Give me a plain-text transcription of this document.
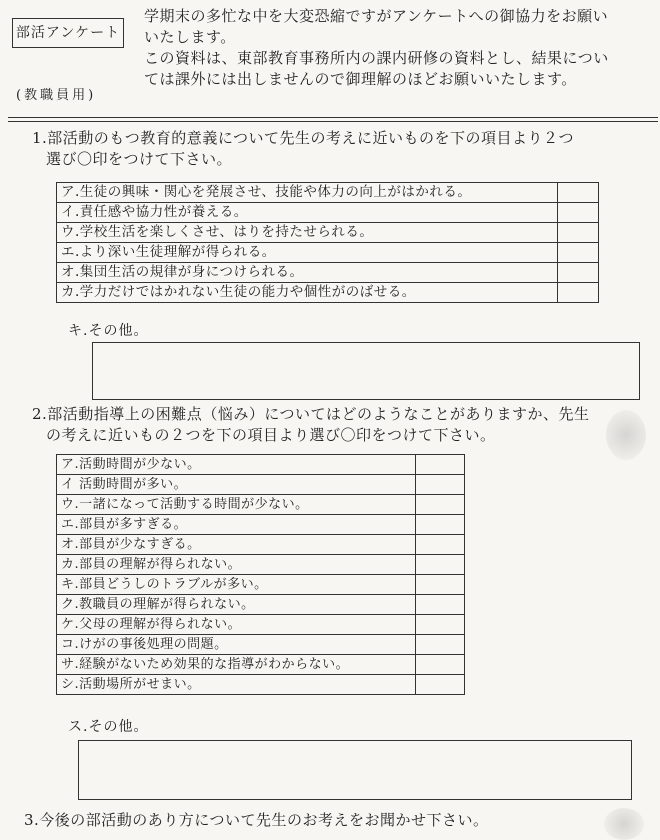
部活アンケート
学期末の多忙な中を大変恐縮ですがアンケートへの御協力をお願い
いたします。
この資料は、東部教育事務所内の課内研修の資料とし、結果につい
ては課外には出しませんので御理解のほどお願いいたします。
(教職員用)
1.部活動のもつ教育的意義について先生の考えに近いものを下の項目より２つ
選び〇印をつけて下さい。
ア.生徒の興味・関心を発展させ、技能や体力の向上がはかれる。	
イ.責任感や協力性が養える。	
ウ.学校生活を楽しくさせ、はりを持たせられる。	
エ.より深い生徒理解が得られる。	
オ.集団生活の規律が身につけられる。	
カ.学力だけではかれない生徒の能力や個性がのばせる。	
キ.その他。
2.部活動指導上の困難点（悩み）についてはどのようなことがありますか、先生
の考えに近いもの２つを下の項目より選び〇印をつけて下さい。
ア.活動時間が少ない。	
イ 活動時間が多い。	
ウ.一諸になって活動する時間が少ない。	
エ.部員が多すぎる。	
オ.部員が少なすぎる。	
カ.部員の理解が得られない。	
キ.部員どうしのトラブルが多い。	
ク.教職員の理解が得られない。	
ケ.父母の理解が得られない。	
コ.けがの事後処理の問題。	
サ.経験がないため効果的な指導がわからない。	
シ.活動場所がせまい。	
ス.その他。
3.今後の部活動のあり方について先生のお考えをお聞かせ下さい。
